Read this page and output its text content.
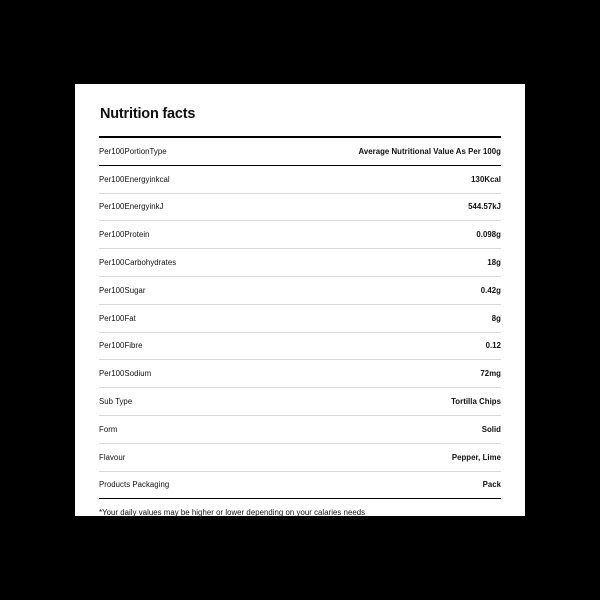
Nutrition facts
Per100PortionType	Average Nutritional Value As Per 100g
Per100Energyinkcal	130Kcal
Per100EnergyinkJ	544.57kJ
Per100Protein	0.098g
Per100Carbohydrates	18g
Per100Sugar	0.42g
Per100Fat	8g
Per100Fibre	0.12
Per100Sodium	72mg
Sub Type	Tortilla Chips
Form	Solid
Flavour	Pepper, Lime
Products Packaging	Pack
*Your daily values may be higher or lower depending on your calaries needs
